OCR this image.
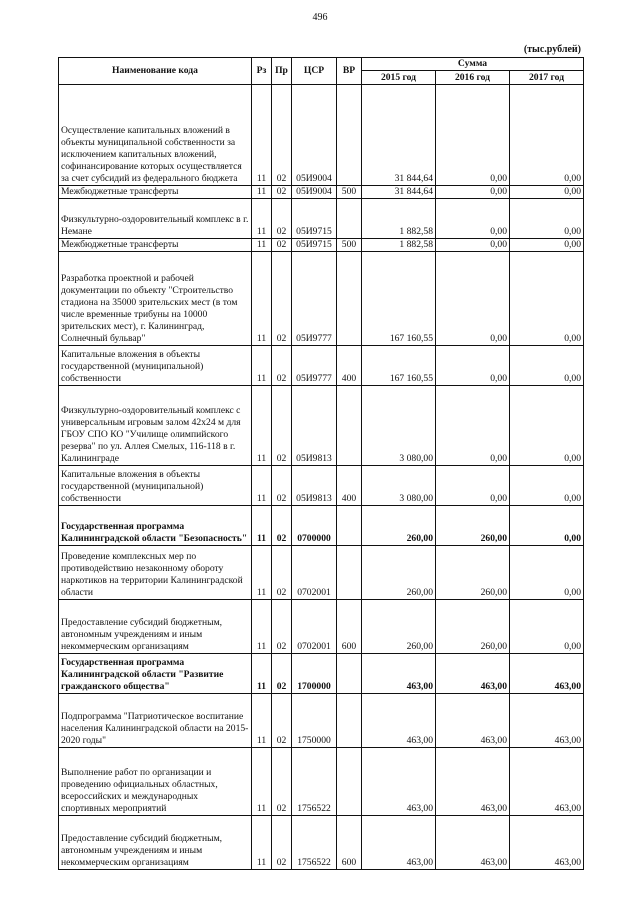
496
(тыс.рублей)
Наименование кода	Рз	Пр	ЦСР	ВР	Сумма		
					2015 год	2016 год	2017 год
Осуществление капитальных вложений в объекты муниципальной собственности за исключением капитальных вложений, софинансирование которых осуществляется за счет субсидий из федерального бюджета	11	02	05И9004		31 844,64	0,00	0,00
Межбюджетные трансферты	11	02	05И9004	500	31 844,64	0,00	0,00
Физкультурно-оздоровительный комплекс в г. Немане	11	02	05И9715		1 882,58	0,00	0,00
Межбюджетные трансферты	11	02	05И9715	500	1 882,58	0,00	0,00
Разработка проектной и рабочей документации по объекту "Строительство стадиона на 35000 зрительских мест (в том числе временные трибуны на 10000 зрительских мест), г. Калининград, Солнечный бульвар"	11	02	05И9777		167 160,55	0,00	0,00
Капитальные вложения в объекты государственной (муниципальной) собственности	11	02	05И9777	400	167 160,55	0,00	0,00
Физкультурно-оздоровительный комплекс с универсальным игровым залом 42х24 м для ГБОУ СПО КО "Училище олимпийского резерва" по ул. Аллея Смелых, 116-118 в г. Калининграде	11	02	05И9813		3 080,00	0,00	0,00
Капитальные вложения в объекты государственной (муниципальной) собственности	11	02	05И9813	400	3 080,00	0,00	0,00
Государственная программа Калининградской области "Безопасность"	11	02	0700000		260,00	260,00	0,00
Проведение комплексных мер по противодействию незаконному обороту наркотиков на территории Калининградской области	11	02	0702001		260,00	260,00	0,00
Предоставление субсидий бюджетным, автономным учреждениям и иным некоммерческим организациям	11	02	0702001	600	260,00	260,00	0,00
Государственная программа Калининградской области "Развитие гражданского общества"	11	02	1700000		463,00	463,00	463,00
Подпрограмма "Патриотическое воспитание населения Калининградской области на 2015-2020 годы"	11	02	1750000		463,00	463,00	463,00
Выполнение работ по организации и проведению официальных областных, всероссийских и международных спортивных мероприятий	11	02	1756522		463,00	463,00	463,00
Предоставление субсидий бюджетным, автономным учреждениям и иным некоммерческим организациям	11	02	1756522	600	463,00	463,00	463,00
